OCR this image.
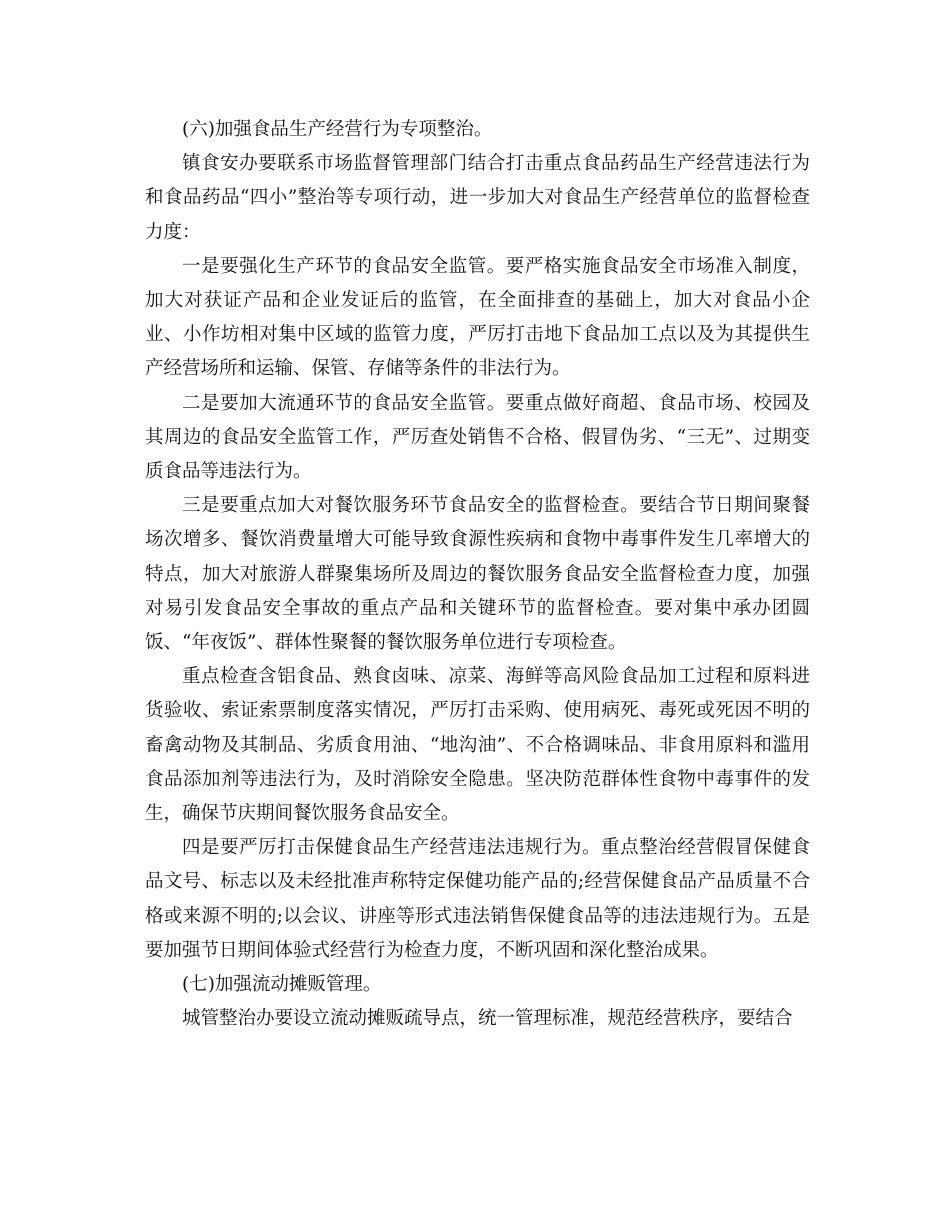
(六)加强食品生产经营行为专项整治。

镇食安办要联系市场监督管理部门结合打击重点食品药品生产经营违法行为和食品药品“四小”整治等专项行动，进一步加大对食品生产经营单位的监督检查力度：

一是要强化生产环节的食品安全监管。要严格实施食品安全市场准入制度，加大对获证产品和企业发证后的监管，在全面排查的基础上，加大对食品小企业、小作坊相对集中区域的监管力度，严厉打击地下食品加工点以及为其提供生产经营场所和运输、保管、存储等条件的非法行为。

二是要加大流通环节的食品安全监管。要重点做好商超、食品市场、校园及其周边的食品安全监管工作，严厉查处销售不合格、假冒伪劣、“三无”、过期变质食品等违法行为。

三是要重点加大对餐饮服务环节食品安全的监督检查。要结合节日期间聚餐场次增多、餐饮消费量增大可能导致食源性疾病和食物中毒事件发生几率增大的特点，加大对旅游人群聚集场所及周边的餐饮服务食品安全监督检查力度，加强对易引发食品安全事故的重点产品和关键环节的监督检查。要对集中承办团圆饭、“年夜饭”、群体性聚餐的餐饮服务单位进行专项检查。

重点检查含铝食品、熟食卤味、凉菜、海鲜等高风险食品加工过程和原料进货验收、索证索票制度落实情况，严厉打击采购、使用病死、毒死或死因不明的畜禽动物及其制品、劣质食用油、“地沟油”、不合格调味品、非食用原料和滥用食品添加剂等违法行为，及时消除安全隐患。坚决防范群体性食物中毒事件的发生，确保节庆期间餐饮服务食品安全。

四是要严厉打击保健食品生产经营违法违规行为。重点整治经营假冒保健食品文号、标志以及未经批准声称特定保健功能产品的;经营保健食品产品质量不合格或来源不明的;以会议、讲座等形式违法销售保健食品等的违法违规行为。五是要加强节日期间体验式经营行为检查力度，不断巩固和深化整治成果。

(七)加强流动摊贩管理。

城管整治办要设立流动摊贩疏导点，统一管理标准，规范经营秩序，要结合
